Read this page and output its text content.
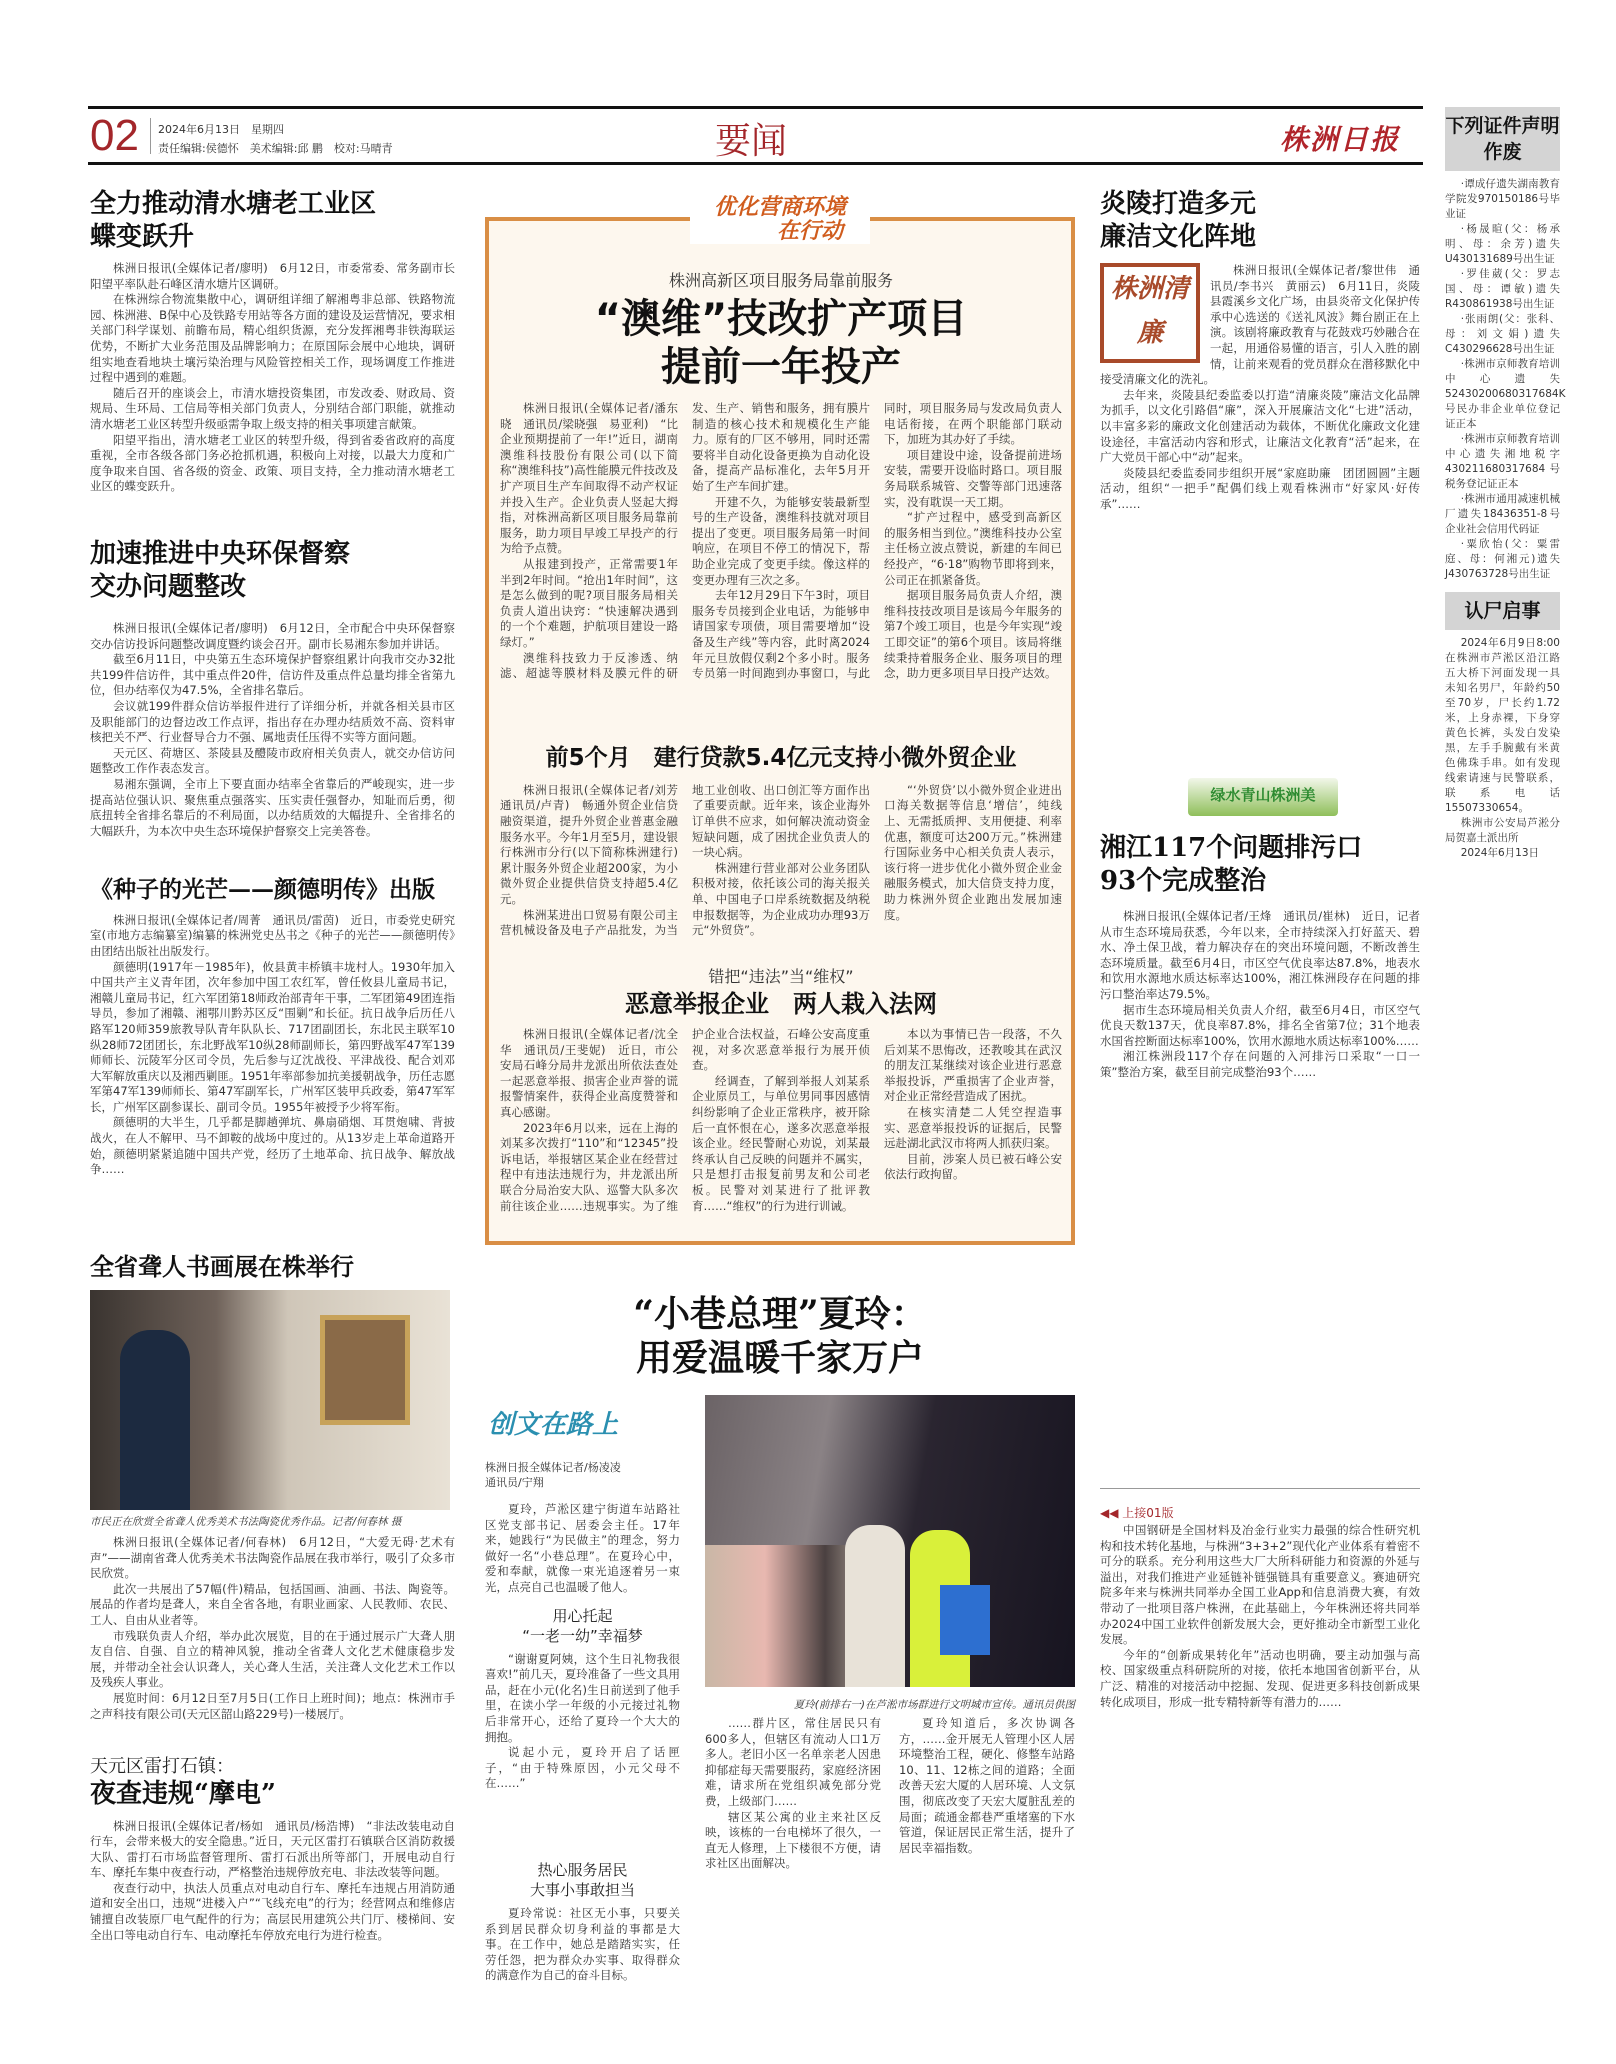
02 2024年6月13日　星期四
责任编辑:侯德怀　美术编辑:邱 鹏　校对:马晴青	要闻	株洲日报
全力推动清水塘老工业区
蝶变跃升

株洲日报讯(全媒体记者/廖明)　6月12日，市委常委、常务副市长阳望平率队赴石峰区清水塘片区调研。

在株洲综合物流集散中心，调研组详细了解湘粤非总部、铁路物流园、株洲港、B保中心及铁路专用站等各方面的建设及运营情况，要求相关部门科学谋划、前瞻布局，精心组织货源，充分发挥湘粤非铁海联运优势，不断扩大业务范围及品牌影响力；在原国际会展中心地块，调研组实地查看地块土壤污染治理与风险管控相关工作，现场调度工作推进过程中遇到的难题。

随后召开的座谈会上，市清水塘投资集团，市发改委、财政局、资规局、生环局、工信局等相关部门负责人，分别结合部门职能，就推动清水塘老工业区转型升级亟需争取上级支持的相关事项建言献策。

阳望平指出，清水塘老工业区的转型升级，得到省委省政府的高度重视，全市各级各部门务必抢抓机遇，积极向上对接，以最大力度和广度争取来自国、省各级的资金、政策、项目支持，全力推动清水塘老工业区的蝶变跃升。

加速推进中央环保督察
交办问题整改

株洲日报讯(全媒体记者/廖明)　6月12日，全市配合中央环保督察交办信访投诉问题整改调度暨约谈会召开。副市长易湘东参加并讲话。

截至6月11日，中央第五生态环境保护督察组累计向我市交办32批共199件信访件，其中重点件20件，信访件及重点件总量均排全省第九位，但办结率仅为47.5%，全省排名靠后。

会议就199件群众信访举报件进行了详细分析，并就各相关县市区及职能部门的边督边改工作点评，指出存在办理办结质效不高、资料审核把关不严、行业督导合力不强、属地责任压得不实等方面问题。

天元区、荷塘区、茶陵县及醴陵市政府相关负责人，就交办信访问题整改工作作表态发言。

易湘东强调，全市上下要直面办结率全省靠后的严峻现实，进一步提高站位强认识、聚焦重点强落实、压实责任强督办，知耻而后勇，彻底扭转全省排名靠后的不利局面，以办结质效的大幅提升、全省排名的大幅跃升，为本次中央生态环境保护督察交上完美答卷。

《种子的光芒——颜德明传》出版

株洲日报讯(全媒体记者/周菁　通讯员/雷茵)　近日，市委党史研究室(市地方志编纂室)编纂的株洲党史丛书之《种子的光芒——颜德明传》由团结出版社出版发行。

颜德明(1917年－1985年)，攸县黄丰桥镇丰垅村人。1930年加入中国共产主义青年团，次年参加中国工农红军，曾任攸县儿童局书记，湘赣儿童局书记，红六军团第18师政治部青年干事，二军团第49团连指导员，参加了湘赣、湘鄂川黔苏区反“围剿”和长征。抗日战争后历任八路军120师359旅教导队青年队队长、717团副团长，东北民主联军10纵28师72团团长，东北野战军10纵28师副师长，第四野战军47军139师师长、沅陵军分区司令员，先后参与辽沈战役、平津战役、配合刘邓大军解放重庆以及湘西剿匪。1951年率部参加抗美援朝战争，历任志愿军第47军139师师长、第47军副军长，广州军区装甲兵政委，第47军军长，广州军区副参谋长、副司令员。1955年被授予少将军衔。

颜德明的大半生，几乎都是脚趟弹坑、鼻扇硝烟、耳贯炮啸、背披战火，在人不解甲、马不卸鞍的战场中度过的。从13岁走上革命道路开始，颜德明紧紧追随中国共产党，经历了土地革命、抗日战争、解放战争……

全省聋人书画展在株举行
市民正在欣赏全省聋人优秀美术书法陶瓷优秀作品。记者/何春林 摄

株洲日报讯(全媒体记者/何春林)　6月12日，“大爱无碍·艺术有声”——湖南省聋人优秀美术书法陶瓷作品展在我市举行，吸引了众多市民欣赏。

此次一共展出了57幅(件)精品，包括国画、油画、书法、陶瓷等。展品的作者均是聋人，来自全省各地，有职业画家、人民教师、农民、工人、自由从业者等。

市残联负责人介绍，举办此次展览，目的在于通过展示广大聋人朋友自信、自强、自立的精神风貌，推动全省聋人文化艺术健康稳步发展，并带动全社会认识聋人，关心聋人生活，关注聋人文化艺术工作以及残疾人事业。

展览时间：6月12日至7月5日(工作日上班时间)；地点：株洲市手之声科技有限公司(天元区韶山路229号)一楼展厅。

天元区雷打石镇：
夜查违规“摩电”

株洲日报讯(全媒体记者/杨如　通讯员/杨浩博)　“非法改装电动自行车，会带来极大的安全隐患。”近日，天元区雷打石镇联合区消防救援大队、雷打石市场监督管理所、雷打石派出所等部门，开展电动自行车、摩托车集中夜查行动，严格整治违规停放充电、非法改装等问题。

夜查行动中，执法人员重点对电动自行车、摩托车违规占用消防通道和安全出口，违规“进楼入户”“飞线充电”的行为；经营网点和维修店铺擅自改装原厂电气配件的行为；高层民用建筑公共门厅、楼梯间、安全出口等电动自行车、电动摩托车停放充电行为进行检查。

优化营商环境
在行动
株洲高新区项目服务局靠前服务
“澳维”技改扩产项目
提前一年投产

株洲日报讯(全媒体记者/潘东晓　通讯员/梁晓强　易亚利)　“比企业预期提前了一年!”近日，湖南澳维科技股份有限公司(以下简称“澳维科技”)高性能膜元件技改及扩产项目生产车间取得不动产权证并投入生产。企业负责人竖起大拇指，对株洲高新区项目服务局靠前服务，助力项目早竣工早投产的行为给予点赞。

从报建到投产，正常需要1年半到2年时间。“抢出1年时间”，这是怎么做到的呢?项目服务局相关负责人道出诀窍：“快速解决遇到的一个个难题，护航项目建设一路绿灯。”

澳维科技致力于反渗透、纳滤、超滤等膜材料及膜元件的研发、生产、销售和服务，拥有膜片制造的核心技术和规模化生产能力。原有的厂区不够用，同时还需要将半自动化设备更换为自动化设备，提高产品标准化，去年5月开始了生产车间扩建。

开建不久，为能够安装最新型号的生产设备，澳维科技就对项目提出了变更。项目服务局第一时间响应，在项目不停工的情况下，帮助企业完成了变更手续。像这样的变更办理有三次之多。

去年12月29日下午3时，项目服务专员接到企业电话，为能够申请国家专项债，项目需要增加“设备及生产线”等内容，此时离2024年元旦放假仅剩2个多小时。服务专员第一时间跑到办事窗口，与此同时，项目服务局与发改局负责人电话衔接，在两个职能部门联动下，加班为其办好了手续。

项目建设中途，设备提前进场安装，需要开设临时路口。项目服务局联系城管、交警等部门迅速落实，没有耽误一天工期。

“扩产过程中，感受到高新区的服务相当到位。”澳维科技办公室主任杨立波点赞说，新建的车间已经投产，“6·18”购物节即将到来，公司正在抓紧备货。

据项目服务局负责人介绍，澳维科技技改项目是该局今年服务的第7个竣工项目，也是今年实现“竣工即交证”的第6个项目。该局将继续秉持着服务企业、服务项目的理念，助力更多项目早日投产达效。

前5个月　建行贷款5.4亿元支持小微外贸企业

株洲日报讯(全媒体记者/刘芳　通讯员/卢青)　畅通外贸企业信贷融资渠道，提升外贸企业普惠金融服务水平。今年1月至5月，建设银行株洲市分行(以下简称株洲建行)累计服务外贸企业超200家，为小微外贸企业提供信贷支持超5.4亿元。

株洲某进出口贸易有限公司主营机械设备及电子产品批发，为当地工业创收、出口创汇等方面作出了重要贡献。近年来，该企业海外订单供不应求，如何解决流动资金短缺问题，成了困扰企业负责人的一块心病。

株洲建行营业部对公业务团队积极对接，依托该公司的海关报关单、中国电子口岸系统数据及纳税申报数据等，为企业成功办理93万元“外贸贷”。

“‘外贸贷’以小微外贸企业进出口海关数据等信息‘增信’，纯线上、无需抵质押、支用便捷、利率优惠，额度可达200万元。”株洲建行国际业务中心相关负责人表示，该行将一进步优化小微外贸企业金融服务模式，加大信贷支持力度，助力株洲外贸企业跑出发展加速度。

错把“违法”当“维权”
恶意举报企业　两人栽入法网

株洲日报讯(全媒体记者/沈全华　通讯员/王斐妮)　近日，市公安局石峰分局井龙派出所依法查处一起恶意举报、损害企业声誉的谎报警情案件，获得企业高度赞誉和真心感谢。

2023年6月以来，远在上海的刘某多次拨打“110”和“12345”投诉电话，举报辖区某企业在经营过程中有违法违规行为，井龙派出所联合分局治安大队、巡警大队多次前往该企业……违规事实。为了维护企业合法权益，石峰公安高度重视，对多次恶意举报行为展开侦查。

经调查，了解到举报人刘某系企业原员工，与单位男同事因感情纠纷影响了企业正常秩序，被开除后一直怀恨在心，遂多次恶意举报该企业。经民警耐心劝说，刘某最终承认自己反映的问题并不属实，只是想打击报复前男友和公司老板。民警对刘某进行了批评教育……“维权”的行为进行训诫。

本以为事情已告一段落，不久后刘某不思悔改，还教唆其在武汉的朋友江某继续对该企业进行恶意举报投诉，严重损害了企业声誉，对企业正常经营造成了困扰。

在核实清楚二人凭空捏造事实、恶意举报投诉的证据后，民警远赴湖北武汉市将两人抓获归案。

目前，涉案人员已被石峰公安依法行政拘留。

“小巷总理”夏玲：
用爱温暖千家万户
创文在路上
株洲日报全媒体记者/杨凌凌
通讯员/宁翔

夏玲，芦淞区建宁街道车站路社区党支部书记、居委会主任。17年来，她践行“为民做主”的理念，努力做好一名“小巷总理”。在夏玲心中，爱和奉献，就像一束光追逐着另一束光，点亮自己也温暖了他人。

用心托起
“一老一幼”幸福梦

“谢谢夏阿姨，这个生日礼物我很喜欢!”前几天，夏玲准备了一些文具用品，赶在小元(化名)生日前送到了他手里，在读小学一年级的小元接过礼物后非常开心，还给了夏玲一个大大的拥抱。

说起小元，夏玲开启了话匣子，“由于特殊原因，小元父母不在……”

夏玲(前排右一)在芦淞市场群进行文明城市宣传。通讯员供图

……群片区，常住居民只有600多人，但辖区有流动人口1万多人。老旧小区一名单亲老人因患抑郁症每天需要服药，家庭经济困难，请求所在党组织减免部分党费，上级部门……

辖区某公寓的业主来社区反映，该栋的一台电梯坏了很久，一直无人修理，上下楼很不方便，请求社区出面解决。

夏玲知道后，多次协调各方，……金开展无人管理小区人居环境整治工程，硬化、修整车站路10、11、12栋之间的道路；全面改善天宏大厦的人居环境、人文氛围，彻底改变了天宏大厦脏乱差的局面；疏通金都巷严重堵塞的下水管道，保证居民正常生活，提升了居民幸福指数。

热心服务居民
大事小事敢担当

夏玲常说：社区无小事，只要关系到居民群众切身利益的事都是大事。在工作中，她总是踏踏实实，任劳任怨，把为群众办实事、取得群众的满意作为自己的奋斗目标。

炎陵打造多元
廉洁文化阵地
株洲清廉

株洲日报讯(全媒体记者/黎世伟　通讯员/李书兴　黄丽云)　6月11日，炎陵县霞溪乡文化广场，由县炎帝文化保护传承中心选送的《送礼风波》舞台剧正在上演。该剧将廉政教育与花鼓戏巧妙融合在一起，用通俗易懂的语言，引人入胜的剧情，让前来观看的党员群众在潜移默化中接受清廉文化的洗礼。

去年来，炎陵县纪委监委以打造“清廉炎陵”廉洁文化品牌为抓手，以文化引路倡“廉”，深入开展廉洁文化“七进”活动，以丰富多彩的廉政文化创建活动为载体，不断优化廉政文化建设途径，丰富活动内容和形式，让廉洁文化教育“活”起来，在广大党员干部心中“动”起来。

炎陵县纪委监委同步组织开展“家庭助廉　团团圆圆”主题活动，组织“一把手”配偶们线上观看株洲市“好家风·好传承”……

绿水青山株洲美
湘江117个问题排污口
93个完成整治

株洲日报讯(全媒体记者/王烽　通讯员/崔林)　近日，记者从市生态环境局获悉，今年以来，全市持续深入打好蓝天、碧水、净土保卫战，着力解决存在的突出环境问题，不断改善生态环境质量。截至6月4日，市区空气优良率达87.8%，地表水和饮用水源地水质达标率达100%，湘江株洲段存在问题的排污口整治率达79.5%。

据市生态环境局相关负责人介绍，截至6月4日，市区空气优良天数137天，优良率87.8%，排名全省第7位；31个地表水国省控断面达标率100%，饮用水源地水质达标率100%……

湘江株洲段117个存在问题的入河排污口采取“一口一策”整治方案，截至目前完成整治93个……

◀◀ 上接01版

中国钢研是全国材料及冶金行业实力最强的综合性研究机构和技术转化基地，与株洲“3+3+2”现代化产业体系有着密不可分的联系。充分利用这些大厂大所科研能力和资源的外延与溢出，对我们推进产业延链补链强链具有重要意义。赛迪研究院多年来与株洲共同举办全国工业App和信息消费大赛，有效带动了一批项目落户株洲，在此基础上，今年株洲还将共同举办2024中国工业软件创新发展大会，更好推动全市新型工业化发展。

今年的“创新成果转化年”活动也明确，要主动加强与高校、国家级重点科研院所的对接，依托本地国省创新平台，从广泛、精准的对接活动中挖掘、发现、促进更多科技创新成果转化成项目，形成一批专精特新等有潜力的……

下列证件声明作废

·谭成仔遗失湖南教育学院发970150186号毕业证

·杨晟暄(父：杨承明、母：余芳)遗失U430131689号出生证

·罗佳葳(父：罗志国、母：谭敏)遗失R430861938号出生证

·张雨朗(父：张科、母：刘文娟)遗失C430296628号出生证

·株洲市京师教育培训中心遗失52430200680317684K号民办非企业单位登记证正本

·株洲市京师教育培训中心遗失湘地税字430211680317684号税务登记证正本

·株洲市通用减速机械厂遗失18436351-8号企业社会信用代码证

·粟欣怡(父：粟雷庭、母：何湘元)遗失J430763728号出生证

认尸启事

2024年6月9日8:00在株洲市芦淞区沿江路五大桥下河面发现一具未知名男尸，年龄约50至70岁，尸长约1.72米，上身赤裸，下身穿黄色长裤，头发白发染黑，左手手腕戴有米黄色佛珠手串。如有发现线索请速与民警联系，联系电话15507330654。

株洲市公安局芦淞分局贺嘉土派出所

2024年6月13日
